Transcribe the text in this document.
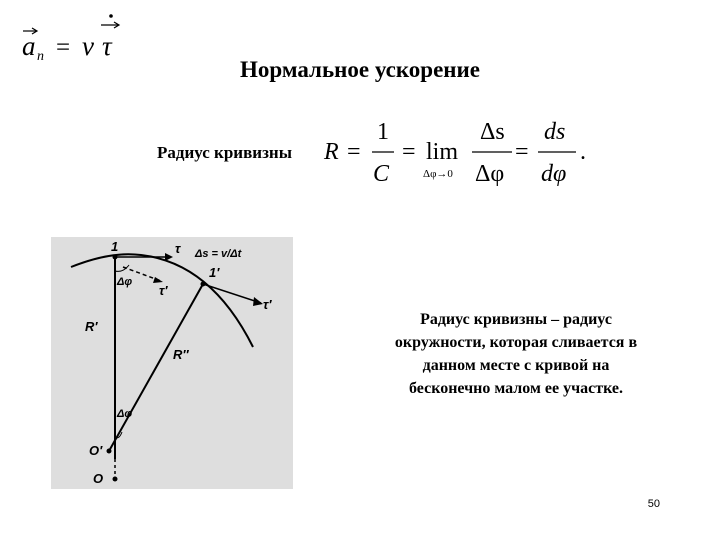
a n = v τ
Нормальное ускорение
Радиус кривизны R =
1
C
= lim
Δφ→0
Δs
Δφ
=
ds
dφ
.
1	τ Δs = v/Δt
1′
Δφ
τ′
τ′
R′
R″
Δφ
O′
O
Радиус кривизны – радиус
окружности, которая сливается в
данном месте с кривой на
бесконечно малом ее участке.
50
